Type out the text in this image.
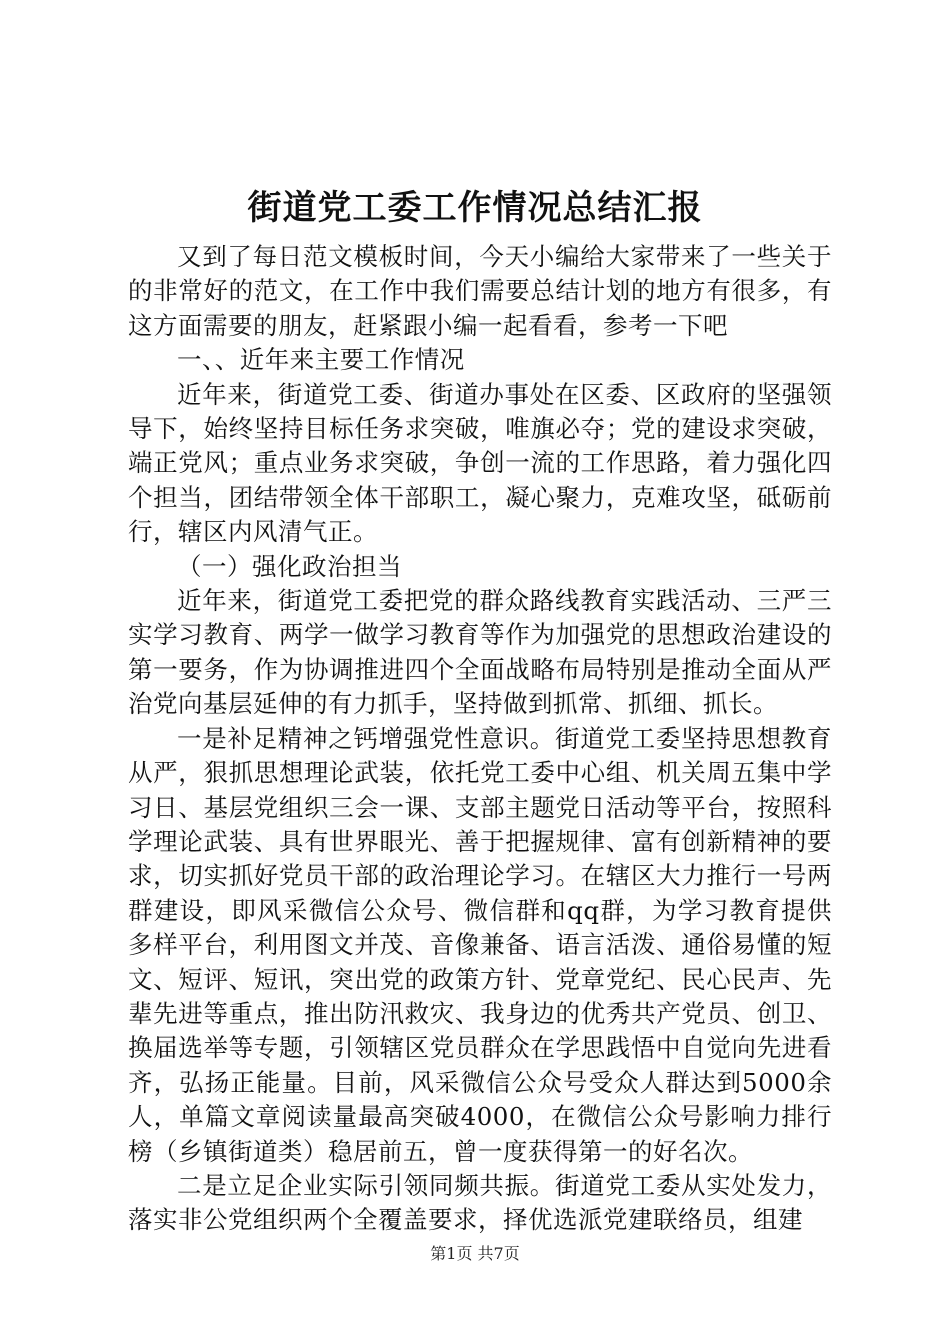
街道党工委工作情况总结汇报

又到了每日范文模板时间，今天小编给大家带来了一些关于的非常好的范文，在工作中我们需要总结计划的地方有很多，有这方面需要的朋友，赶紧跟小编一起看看，参考一下吧

一、、近年来主要工作情况

近年来，街道党工委、街道办事处在区委、区政府的坚强领导下，始终坚持目标任务求突破，唯旗必夺；党的建设求突破，端正党风；重点业务求突破，争创一流的工作思路，着力强化四个担当，团结带领全体干部职工，凝心聚力，克难攻坚，砥砺前行，辖区内风清气正。

（一）强化政治担当

近年来，街道党工委把党的群众路线教育实践活动、三严三实学习教育、两学一做学习教育等作为加强党的思想政治建设的第一要务，作为协调推进四个全面战略布局特别是推动全面从严治党向基层延伸的有力抓手，坚持做到抓常、抓细、抓长。

一是补足精神之钙增强党性意识。街道党工委坚持思想教育从严，狠抓思想理论武装，依托党工委中心组、机关周五集中学习日、基层党组织三会一课、支部主题党日活动等平台，按照科学理论武装、具有世界眼光、善于把握规律、富有创新精神的要求，切实抓好党员干部的政治理论学习。在辖区大力推行一号两群建设，即风采微信公众号、微信群和qq群，为学习教育提供多样平台，利用图文并茂、音像兼备、语言活泼、通俗易懂的短文、短评、短讯，突出党的政策方针、党章党纪、民心民声、先辈先进等重点，推出防汛救灾、我身边的优秀共产党员、创卫、换届选举等专题，引领辖区党员群众在学思践悟中自觉向先进看齐，弘扬正能量。目前，风采微信公众号受众人群达到5000余人，单篇文章阅读量最高突破4000，在微信公众号影响力排行榜（乡镇街道类）稳居前五，曾一度获得第一的好名次。

二是立足企业实际引领同频共振。街道党工委从实处发力，落实非公党组织两个全覆盖要求，择优选派党建联络员，组建

第1页 共7页
